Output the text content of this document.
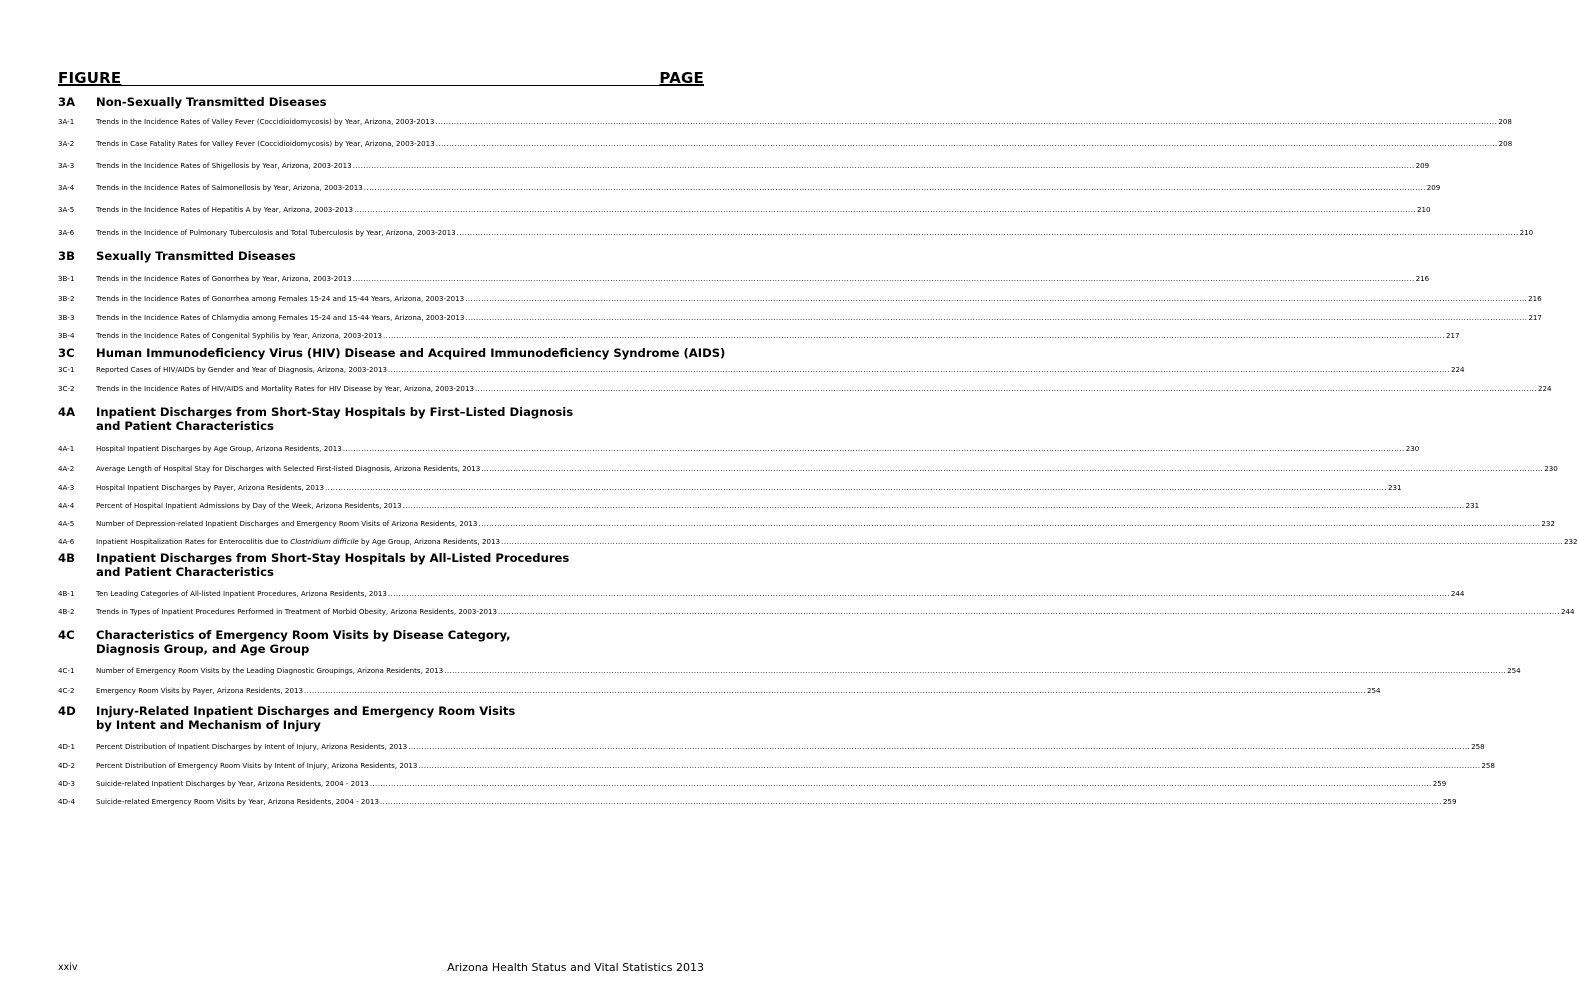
FIGURE	PAGE
3A Non-Sexually Transmitted Diseases
3A-1	Trends in the Incidence Rates of Valley Fever (Coccidioidomycosis) by Year, Arizona, 2003-2013 ................................................................................................................................................................................................................................................................................................................................................................................................................ 208
3A-2	Trends in Case Fatality Rates for Valley Fever (Coccidioidomycosis) by Year, Arizona, 2003-2013 ................................................................................................................................................................................................................................................................................................................................................................................................................ 208
3A-3	Trends in the Incidence Rates of Shigellosis by Year, Arizona, 2003-2013 ................................................................................................................................................................................................................................................................................................................................................................................................................ 209
3A-4	Trends in the Incidence Rates of Salmonellosis by Year, Arizona, 2003-2013 ................................................................................................................................................................................................................................................................................................................................................................................................................ 209
3A-5	Trends in the Incidence Rates of Hepatitis A by Year, Arizona, 2003-2013 ................................................................................................................................................................................................................................................................................................................................................................................................................ 210
3A-6	Trends in the Incidence of Pulmonary Tuberculosis and Total Tuberculosis by Year, Arizona, 2003-2013 ................................................................................................................................................................................................................................................................................................................................................................................................................ 210
3B Sexually Transmitted Diseases
3B-1	Trends in the Incidence Rates of Gonorrhea by Year, Arizona, 2003-2013 ................................................................................................................................................................................................................................................................................................................................................................................................................ 216
3B-2	Trends in the Incidence Rates of Gonorrhea among Females 15-24 and 15-44 Years, Arizona, 2003-2013 ................................................................................................................................................................................................................................................................................................................................................................................................................ 216
3B-3	Trends in the Incidence Rates of Chlamydia among Females 15-24 and 15-44 Years, Arizona, 2003-2013 ................................................................................................................................................................................................................................................................................................................................................................................................................ 217
3B-4	Trends in the Incidence Rates of Congenital Syphilis by Year, Arizona, 2003-2013 ................................................................................................................................................................................................................................................................................................................................................................................................................ 217
3C Human Immunodeficiency Virus (HIV) Disease and Acquired Immunodeficiency Syndrome (AIDS)
3C-1	Reported Cases of HIV/AIDS by Gender and Year of Diagnosis, Arizona, 2003-2013 ................................................................................................................................................................................................................................................................................................................................................................................................................ 224
3C-2	Trends in the Incidence Rates of HIV/AIDS and Mortality Rates for HIV Disease by Year, Arizona, 2003-2013 ................................................................................................................................................................................................................................................................................................................................................................................................................ 224
4A Inpatient Discharges from Short-Stay Hospitals by First–Listed Diagnosis
and Patient Characteristics
4A-1	Hospital Inpatient Discharges by Age Group, Arizona Residents, 2013 ................................................................................................................................................................................................................................................................................................................................................................................................................ 230
4A-2	Average Length of Hospital Stay for Discharges with Selected First-listed Diagnosis, Arizona Residents, 2013 ................................................................................................................................................................................................................................................................................................................................................................................................................ 230
4A-3	Hospital Inpatient Discharges by Payer, Arizona Residents, 2013 ................................................................................................................................................................................................................................................................................................................................................................................................................ 231
4A-4	Percent of Hospital Inpatient Admissions by Day of the Week, Arizona Residents, 2013 ................................................................................................................................................................................................................................................................................................................................................................................................................ 231
4A-5	Number of Depression-related Inpatient Discharges and Emergency Room Visits of Arizona Residents, 2013 ................................................................................................................................................................................................................................................................................................................................................................................................................ 232
4A-6	Inpatient Hospitalization Rates for Enterocolitis due to Clostridium difficile by Age Group, Arizona Residents, 2013 ................................................................................................................................................................................................................................................................................................................................................................................................................ 232
4B Inpatient Discharges from Short-Stay Hospitals by All-Listed Procedures
and Patient Characteristics
4B-1	Ten Leading Categories of All-listed Inpatient Procedures, Arizona Residents, 2013 ................................................................................................................................................................................................................................................................................................................................................................................................................ 244
4B-2	Trends in Types of Inpatient Procedures Performed in Treatment of Morbid Obesity, Arizona Residents, 2003-2013 ................................................................................................................................................................................................................................................................................................................................................................................................................ 244
4C Characteristics of Emergency Room Visits by Disease Category,
Diagnosis Group, and Age Group
4C-1	Number of Emergency Room Visits by the Leading Diagnostic Groupings, Arizona Residents, 2013 ................................................................................................................................................................................................................................................................................................................................................................................................................ 254
4C-2	Emergency Room Visits by Payer, Arizona Residents, 2013 ................................................................................................................................................................................................................................................................................................................................................................................................................ 254
4D Injury-Related Inpatient Discharges and Emergency Room Visits
by Intent and Mechanism of Injury
4D-1	Percent Distribution of Inpatient Discharges by Intent of Injury, Arizona Residents, 2013 ................................................................................................................................................................................................................................................................................................................................................................................................................ 258
4D-2	Percent Distribution of Emergency Room Visits by Intent of Injury, Arizona Residents, 2013 ................................................................................................................................................................................................................................................................................................................................................................................................................ 258
4D-3	Suicide-related Inpatient Discharges by Year, Arizona Residents, 2004 - 2013 ................................................................................................................................................................................................................................................................................................................................................................................................................ 259
4D-4	Suicide-related Emergency Room Visits by Year, Arizona Residents, 2004 - 2013 ................................................................................................................................................................................................................................................................................................................................................................................................................ 259
xxiv	Arizona Health Status and Vital Statistics 2013
